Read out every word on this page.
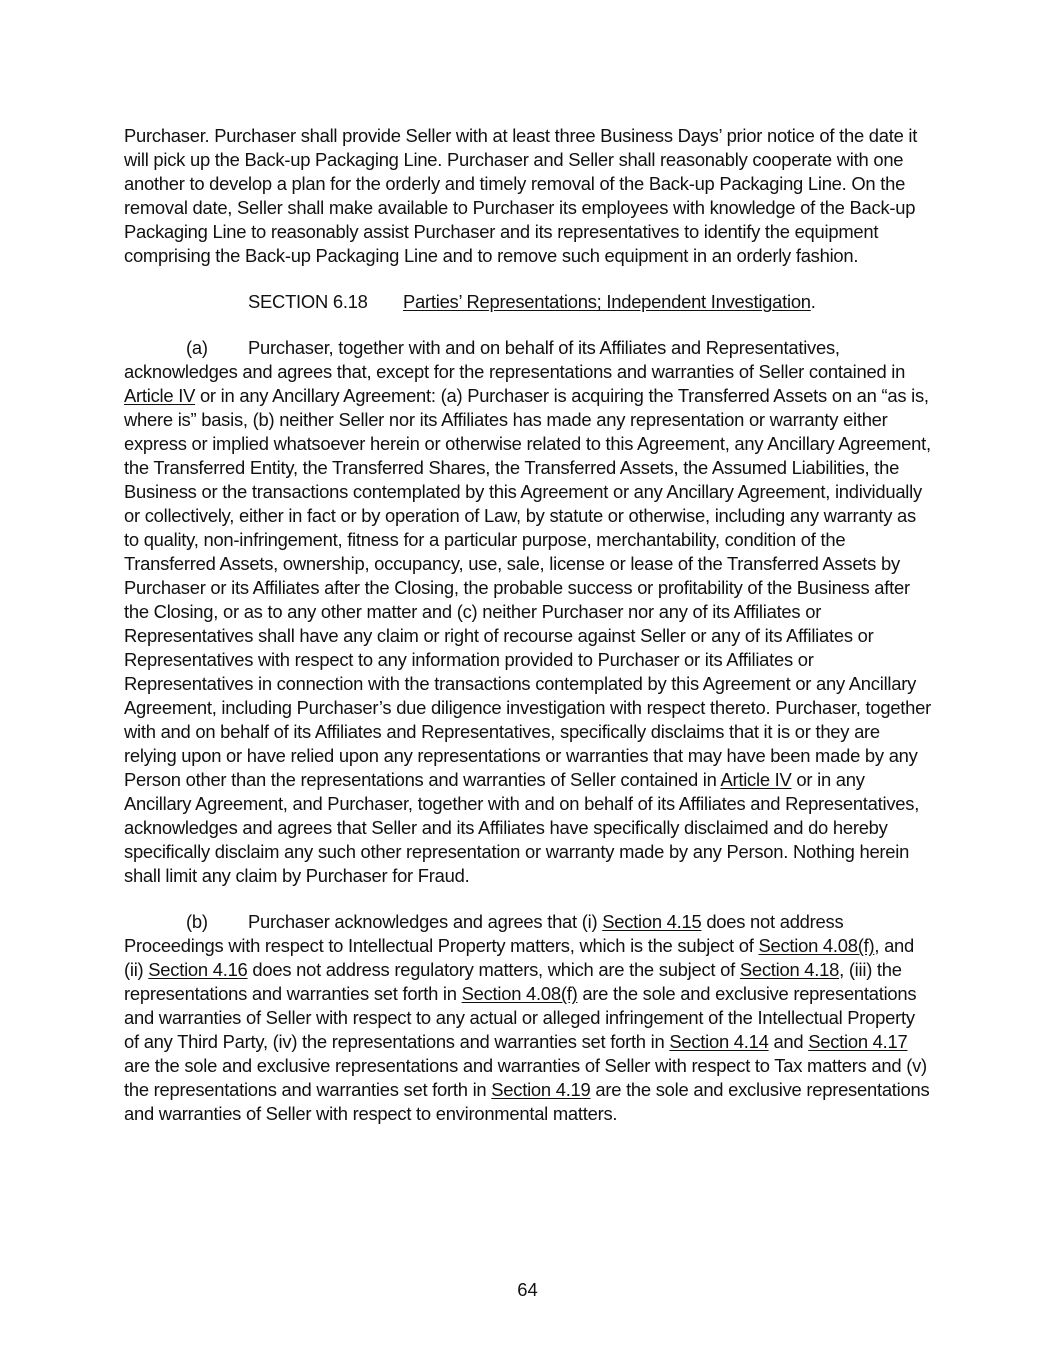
Purchaser. Purchaser shall provide Seller with at least three Business Days’ prior notice of the date it will pick up the Back-up Packaging Line. Purchaser and Seller shall reasonably cooperate with one another to develop a plan for the orderly and timely removal of the Back-up Packaging Line. On the removal date, Seller shall make available to Purchaser its employees with knowledge of the Back-up Packaging Line to reasonably assist Purchaser and its representatives to identify the equipment comprising the Back-up Packaging Line and to remove such equipment in an orderly fashion.

SECTION 6.18 Parties’ Representations; Independent Investigation.

(a) Purchaser, together with and on behalf of its Affiliates and Representatives, acknowledges and agrees that, except for the representations and warranties of Seller contained in Article IV or in any Ancillary Agreement: (a) Purchaser is acquiring the Transferred Assets on an “as is, where is” basis, (b) neither Seller nor its Affiliates has made any representation or warranty either express or implied whatsoever herein or otherwise related to this Agreement, any Ancillary Agreement, the Transferred Entity, the Transferred Shares, the Transferred Assets, the Assumed Liabilities, the Business or the transactions contemplated by this Agreement or any Ancillary Agreement, individually or collectively, either in fact or by operation of Law, by statute or otherwise, including any warranty as to quality, non-infringement, fitness for a particular purpose, merchantability, condition of the Transferred Assets, ownership, occupancy, use, sale, license or lease of the Transferred Assets by Purchaser or its Affiliates after the Closing, the probable success or profitability of the Business after the Closing, or as to any other matter and (c) neither Purchaser nor any of its Affiliates or Representatives shall have any claim or right of recourse against Seller or any of its Affiliates or Representatives with respect to any information provided to Purchaser or its Affiliates or Representatives in connection with the transactions contemplated by this Agreement or any Ancillary Agreement, including Purchaser’s due diligence investigation with respect thereto. Purchaser, together with and on behalf of its Affiliates and Representatives, specifically disclaims that it is or they are relying upon or have relied upon any representations or warranties that may have been made by any Person other than the representations and warranties of Seller contained in Article IV or in any Ancillary Agreement, and Purchaser, together with and on behalf of its Affiliates and Representatives, acknowledges and agrees that Seller and its Affiliates have specifically disclaimed and do hereby specifically disclaim any such other representation or warranty made by any Person. Nothing herein shall limit any claim by Purchaser for Fraud.

(b) Purchaser acknowledges and agrees that (i) Section 4.15 does not address Proceedings with respect to Intellectual Property matters, which is the subject of Section 4.08(f), and (ii) Section 4.16 does not address regulatory matters, which are the subject of Section 4.18, (iii) the representations and warranties set forth in Section 4.08(f) are the sole and exclusive representations and warranties of Seller with respect to any actual or alleged infringement of the Intellectual Property of any Third Party, (iv) the representations and warranties set forth in Section 4.14 and Section 4.17 are the sole and exclusive representations and warranties of Seller with respect to Tax matters and (v) the representations and warranties set forth in Section 4.19 are the sole and exclusive representations and warranties of Seller with respect to environmental matters.

64
